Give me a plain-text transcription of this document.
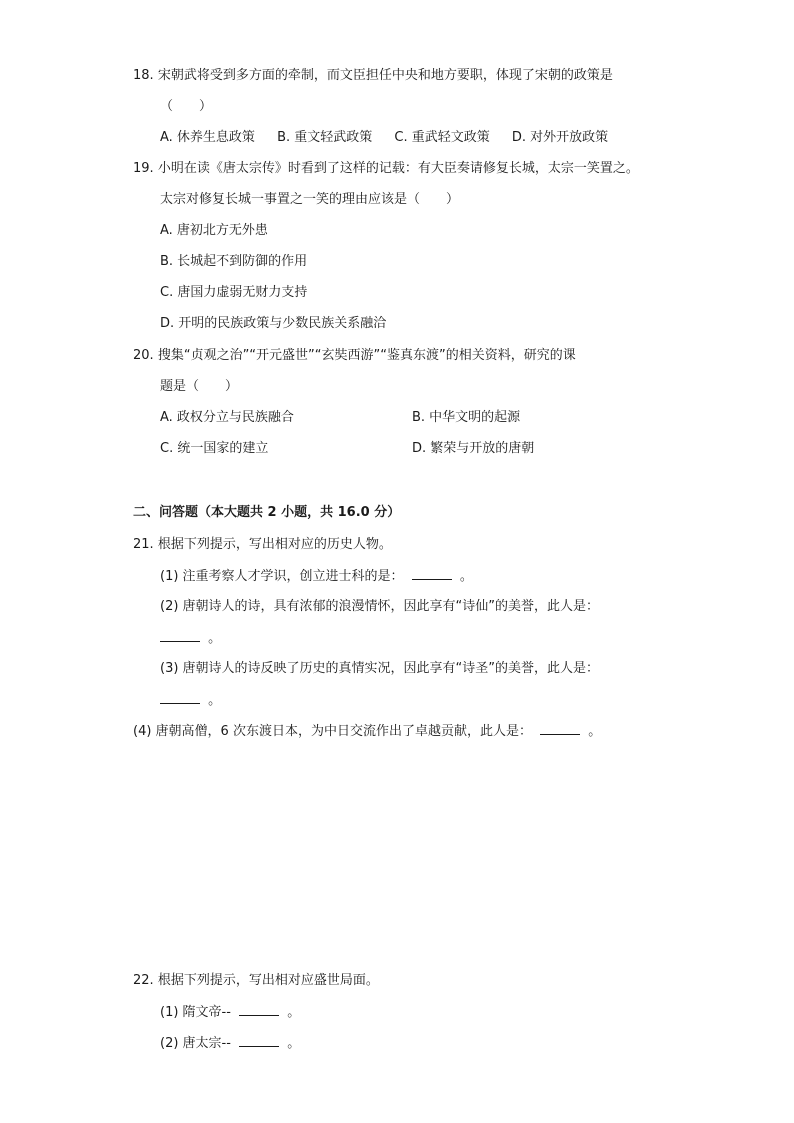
18. 宋朝武将受到多方面的牵制，而文臣担任中央和地方要职，体现了宋朝的政策是
（　　）
A. 休养生息政策 B. 重文轻武政策 C. 重武轻文政策 D. 对外开放政策
19. 小明在读《唐太宗传》时看到了这样的记载：有大臣奏请修复长城，太宗一笑置之。
太宗对修复长城一事置之一笑的理由应该是（　　）
A. 唐初北方无外患
B. 长城起不到防御的作用
C. 唐国力虚弱无财力支持
D. 开明的民族政策与少数民族关系融洽
20. 搜集“贞观之治”“开元盛世”“玄奘西游”“鉴真东渡”的相关资料，研究的课
题是（　　）
A. 政权分立与民族融合	B. 中华文明的起源
C. 统一国家的建立	D. 繁荣与开放的唐朝
二、问答题（本大题共 2 小题，共 16.0 分）
21. 根据下列提示，写出相对应的历史人物。
(1) 注重考察人才学识，创立进士科的是：	。
(2) 唐朝诗人的诗，具有浓郁的浪漫情怀，因此享有“诗仙”的美誉，此人是：
。
(3) 唐朝诗人的诗反映了历史的真情实况，因此享有“诗圣”的美誉，此人是：
。
(4) 唐朝高僧，6 次东渡日本，为中日交流作出了卓越贡献，此人是：	。
22. 根据下列提示，写出相对应盛世局面。
(1) 隋文帝--	。
(2) 唐太宗--	。
